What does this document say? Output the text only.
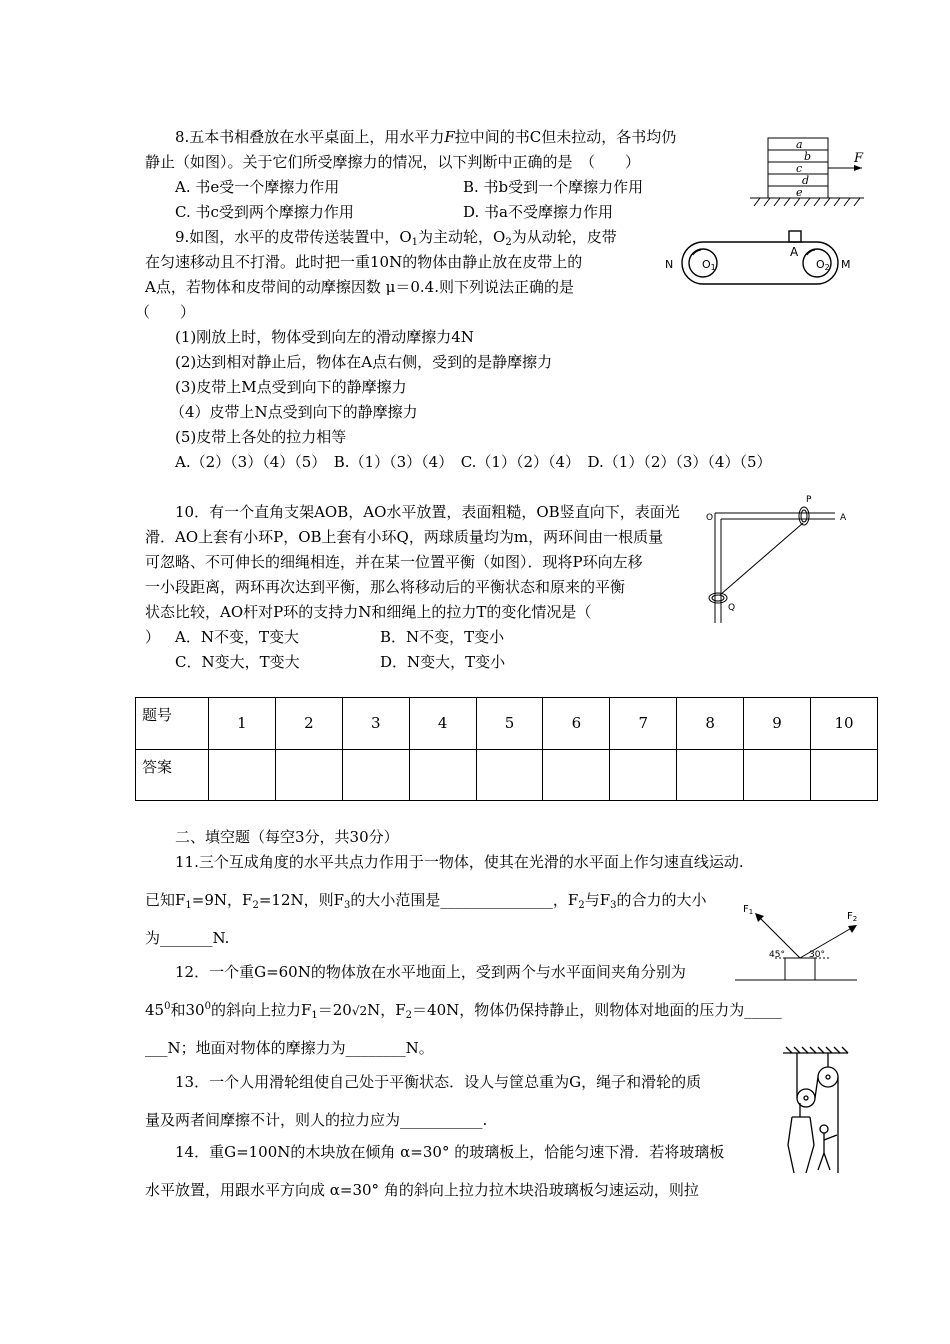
8.五本书相叠放在水平桌面上，用水平力F拉中间的书C但未拉动，各书均仍
静止（如图）。关于它们所受摩擦力的情况，以下判断中正确的是　（　　）
A. 书e受一个摩擦力作用	B. 书b受到一个摩擦力作用
C. 书c受到两个摩擦力作用	D. 书a不受摩擦力作用
a
b
c
d
e
F
9.如图，水平的皮带传送装置中，$O_1$为主动轮，$O_2$为从动轮，皮带
在匀速移动且不打滑。此时把一重10N的物体由静止放在皮带上的
A点，若物体和皮带间的动摩擦因数 μ＝0.4.则下列说法正确的是
（　　）
(1)刚放上时，物体受到向左的滑动摩擦力4N
(2)达到相对静止后，物体在A点右侧，受到的是静摩擦力
(3)皮带上M点受到向下的静摩擦力
（4）皮带上N点受到向下的静摩擦力
(5)皮带上各处的拉力相等
A.（2）（3）（4）（5）　B.（1）（3）（4）　C.（1）（2）（4）　D.（1）（2）（3）（4）（5）
N	O1
A
O2 M
10．有一个直角支架AOB，AO水平放置，表面粗糙，OB竖直向下，表面光
滑．AO上套有小环P，OB上套有小环Q，两球质量均为m，两环间由一根质量
可忽略、不可伸长的细绳相连，并在某一位置平衡（如图）．现将P环向左移
一小段距离，两环再次达到平衡，那么将移动后的平衡状态和原来的平衡
状态比较，AO杆对P环的支持力N和细绳上的拉力T的变化情况是（
） A．N不变，T变大	B．N不变，T变小
C．N变大，T变大	D．N变大，T变小
O
P
A
Q
题号	1	2	3	4	5	6	7	8	9	10
答案										
二、填空题（每空3分，共30分）
11.三个互成角度的水平共点力作用于一物体，使其在光滑的水平面上作匀速直线运动.
已知$F_1=9N$，$F_2=12N$，则$F_3$的大小范围是_______________，$F_2$与$F_3$的合力的大小
为_______N.
12．一个重G=60N的物体放在水平地面上，受到两个与水平面间夹角分别为
$45^0$和$30^0$的斜向上拉力$F_1=20√2N$，$F_2=40N$，物体仍保持静止，则物体对地面的压力为_____
___N；地面对物体的摩擦力为________N。
$F_1$	$F_2$
45°	30°
13．一个人用滑轮组使自己处于平衡状态．设人与筐总重为G，绳子和滑轮的质
量及两者间摩擦不计，则人的拉力应为___________.
14．重G=100N的木块放在倾角 α=30° 的玻璃板上，恰能匀速下滑．若将玻璃板
水平放置，用跟水平方向成 α=30° 角的斜向上拉力拉木块沿玻璃板匀速运动，则拉
